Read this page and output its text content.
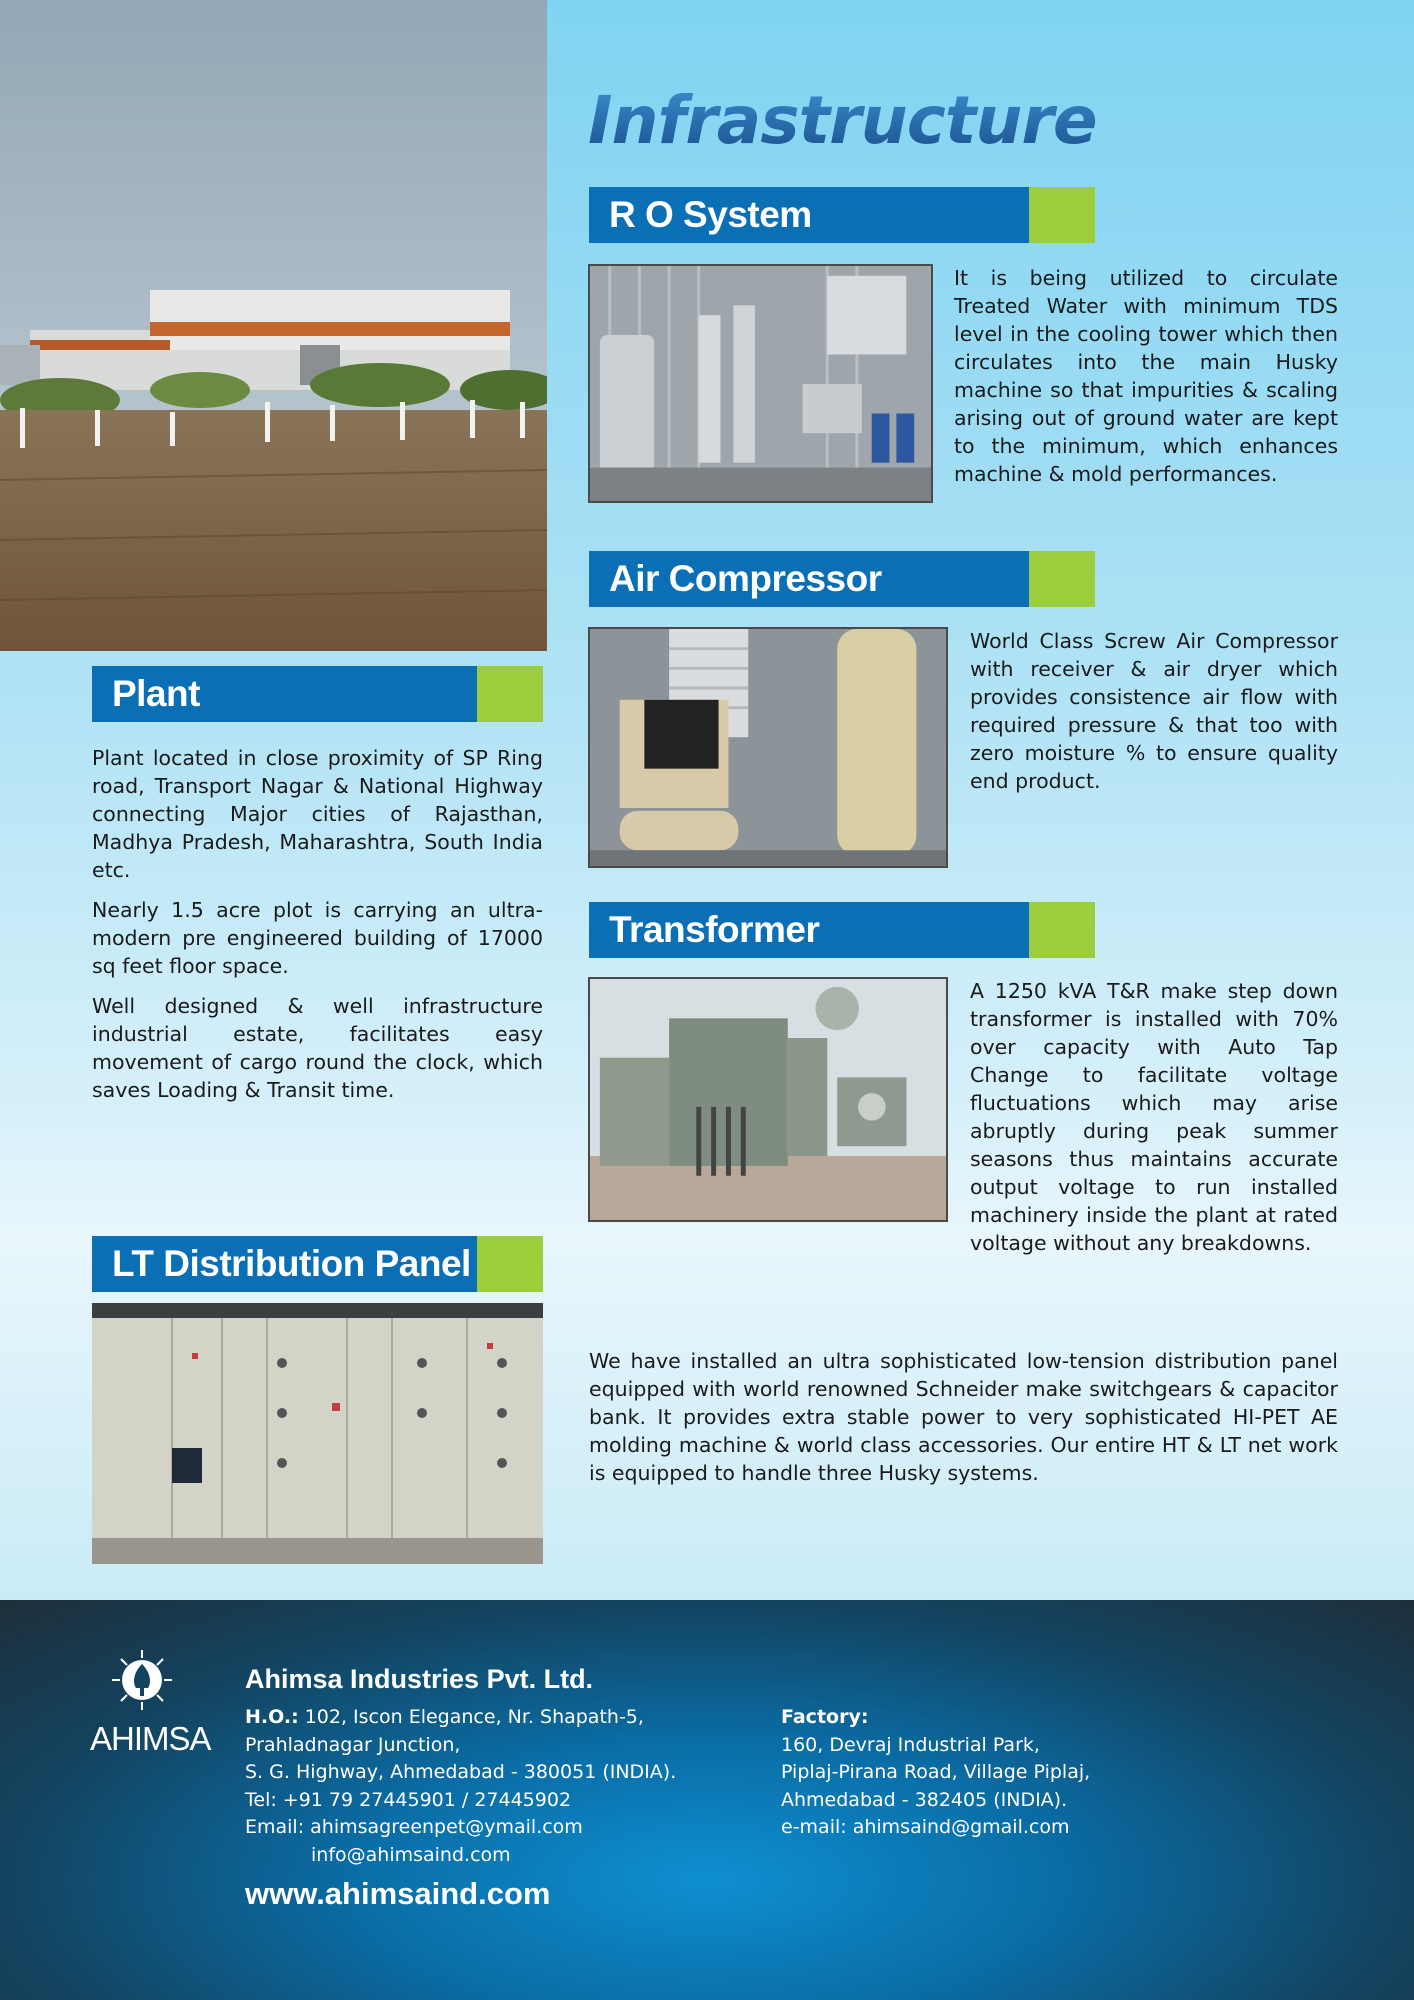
Infrastructure
R O System
It is being utilized to circulate Treated Water with minimum TDS level in the cooling tower which then circulates into the main Husky machine so that impurities & scaling arising out of ground water are kept to the minimum, which enhances machine & mold performances.
Air Compressor
World Class Screw Air Compressor with receiver & air dryer which provides consistence air flow with required pressure & that too with zero moisture % to ensure quality end product.
Transformer
A 1250 kVA T&R make step down transformer is installed with 70% over capacity with Auto Tap Change to facilitate voltage fluctuations which may arise abruptly during peak summer seasons thus maintains accurate output voltage to run installed machinery inside the plant at rated voltage without any breakdowns.
Plant

Plant located in close proximity of SP Ring road, Transport Nagar & National Highway connecting Major cities of Rajasthan, Madhya Pradesh, Maharashtra, South India etc.

Nearly 1.5 acre plot is carrying an ultra-modern pre engineered building of 17000 sq feet floor space.

Well designed & well infrastructure industrial estate, facilitates easy movement of cargo round the clock, which saves Loading & Transit time.

LT Distribution Panel
We have installed an ultra sophisticated low-tension distribution panel equipped with world renowned Schneider make switchgears & capacitor bank. It provides extra stable power to very sophisticated HI-PET AE molding machine & world class accessories. Our entire HT & LT net work is equipped to handle three Husky systems.
AHIMSA
Ahimsa Industries Pvt. Ltd.
H.O.: 102, Iscon Elegance, Nr. Shapath-5,
Prahladnagar Junction,
S. G. Highway, Ahmedabad - 380051 (INDIA).
Tel: +91 79 27445901 / 27445902
Email: ahimsagreenpet@ymail.com
info@ahimsaind.com
www.ahimsaind.com
Factory:
160, Devraj Industrial Park,
Piplaj-Pirana Road, Village Piplaj,
Ahmedabad - 382405 (INDIA).
e-mail: ahimsaind@gmail.com
